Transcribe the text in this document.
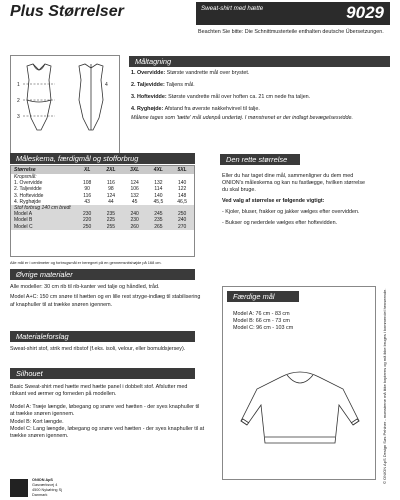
Plus Størrelser	Sweat-shirt med hætte	9029
Beachten Sie bitte: Die Schnittmusterteile enthalten deutsche Übersetzungen.
1
2
3
4
Måltagning
1. Overvidde: Største vandrette mål over brystet.
2. Taljevidde: Taljens mål.
3. Hoftevidde: Største vandrette mål over hoften ca. 21 cm nede fra taljen.
4. Ryghøjde: Afstand fra øverste nakkehvirvel til talje.
Målene tages som 'tætte' mål udenpå undertøj. I mønstrenet er der indlagt bevægelsesvidde.
Måleskema, færdigmål og stofforbrug
Størrelse	XL	2XL	3XL	4XL	5XL
Kropsmål:
1. Overvidde	108	116	124	132	140
2. Taljevidde	90	98	106	114	122
3. Hoftevidde	116	124	132	140	148
4. Ryghøjde	43	44	45	45,5	46,5
Stof forbrug 140 cm bredt
Model A	230	235	240	245	250
Model B	220	225	230	235	240
Model C	250	255	260	265	270
Alle mål er i centimeter og forbrugsmål er beregnet på en gennemsnitshøjde på 168 cm.
Den rette størrelse

Eller du har taget dine mål, sammenligner du dem med ONION's måleskema og kan nu fastlægge, hvilken størrelse du skal bruge.

Ved valg af størrelse er følgende vigtigt:

- Kjoler, bluser, frakker og jakker vælges efter overvidden.

- Bukser og nederdele vælges efter hoftevidden.

Øvrige materialer
Alle modeller: 30 cm rib til rib-kanter ved talje og håndled, tråd.
Model A+C: 150 cm snøre til hætten og en lille rest stryge-indlæg til stabilisering af knaphuller til at trække snøren igennem.
Materialeforslag
Sweat-shirt stof, strik med ribstof (f.eks. isoli, velour, eller bomuldsjersey).
Silhouet
Basic Sweat-shirt med hætte med hætte panel i dobbelt stof. Afslutter med ribkant ved ærmer og forneden på modellen.
Model A: Træje længde, løbegang og snøre ved hætten - der syes knaphuller til at trække snøren igennem.
Model B: Kort længde.
Model C: Lang længde, løbegang og snøre ved hætten - der syes knaphuller til at trække snøren igennem.
Færdige mål
Model A: 76 cm - 83 cm
Model B: 66 cm - 73 cm
Model C: 96 cm - 103 cm
ONION ApS
Gasværksvej 4
4500 Nykøbing Sj
Danmark
© ONION ApS Design Søs Pehlner - mønstrene må ikke kopieres og må ikke bruges i kommerciel henseende.
